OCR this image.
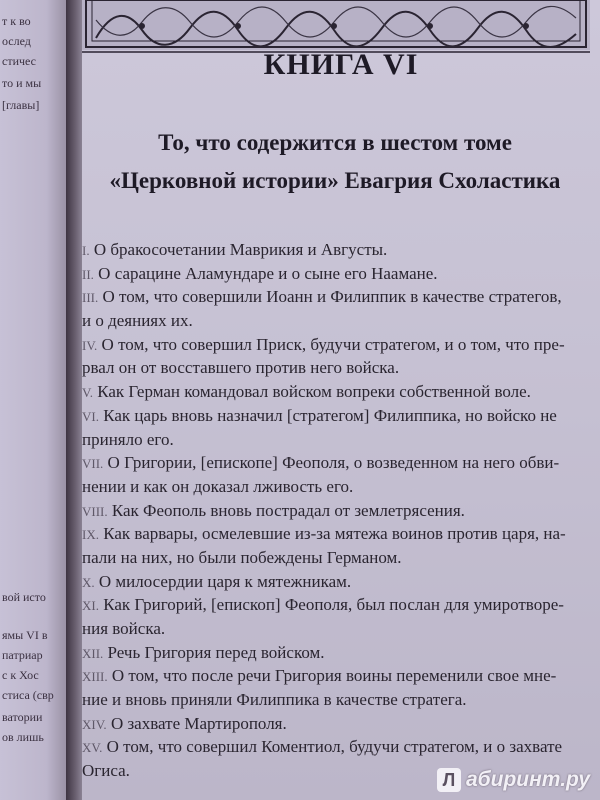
т к во
ослед
стичес
то и мы
[главы]
вой исто
ямы VI в
патриар
с к Хос
стиса (свр
ватории
ов лишь
КНИГА VI
То, что содержится в шестом томе
«Церковной истории» Евагрия Схоластика
I. О бракосочетании Маврикия и Августы.
II. О сарацине Аламундаре и о сыне его Наамане.
III. О том, что совершили Иоанн и Филиппик в качестве стратегов,
и о деяниях их.
IV. О том, что совершил Приск, будучи стратегом, и о том, что пре-
рвал он от восставшего против него войска.
V. Как Герман командовал войском вопреки собственной воле.
VI. Как царь вновь назначил [стратегом] Филиппика, но войско не
приняло его.
VII. О Григории, [епископе] Феополя, о возведенном на него обви-
нении и как он доказал лживость его.
VIII. Как Феополь вновь пострадал от землетрясения.
IX. Как варвары, осмелевшие из-за мятежа воинов против царя, на-
пали на них, но были побеждены Германом.
X. О милосердии царя к мятежникам.
XI. Как Григорий, [епископ] Феополя, был послан для умиротворе-
ния войска.
XII. Речь Григория перед войском.
XIII. О том, что после речи Григория воины переменили свое мне-
ние и вновь приняли Филиппика в качестве стратега.
XIV. О захвате Мартирополя.
XV. О том, что совершил Коментиол, будучи стратегом, и о захвате
Огиса.	Л абиринт.ру
